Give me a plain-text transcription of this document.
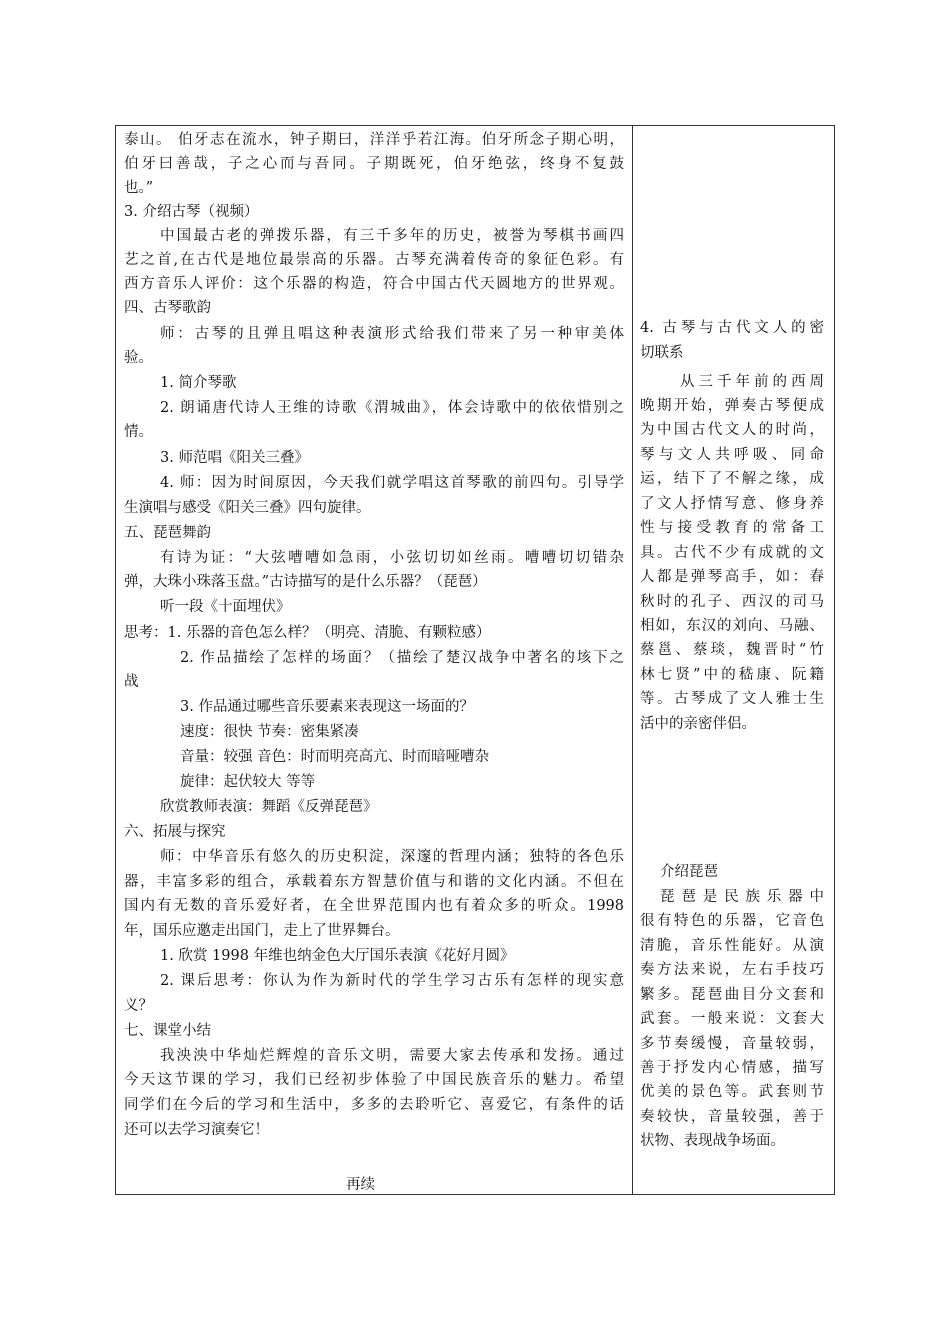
泰山。 伯牙志在流水，钟子期曰，洋洋乎若江海。伯牙所念子期心明，
伯牙曰善哉，子之心而与吾同。子期既死，伯牙绝弦，终身不复鼓
也。”
3. 介绍古琴（视频）
中国最古老的弹拨乐器，有三千多年的历史，被誉为琴棋书画四
艺之首,在古代是地位最崇高的乐器。古琴充满着传奇的象征色彩。有
西方音乐人评价：这个乐器的构造，符合中国古代天圆地方的世界观。
四、古琴歌韵
师：古琴的且弹且唱这种表演形式给我们带来了另一种审美体
验。
1. 简介琴歌
2. 朗诵唐代诗人王维的诗歌《渭城曲》，体会诗歌中的依依惜别之
情。
3. 师范唱《阳关三叠》
4. 师：因为时间原因，今天我们就学唱这首琴歌的前四句。引导学
生演唱与感受《阳关三叠》四句旋律。
五、琵琶舞韵
有诗为证：“大弦嘈嘈如急雨，小弦切切如丝雨。嘈嘈切切错杂
弹，大珠小珠落玉盘。”古诗描写的是什么乐器？（琵琶）
听一段《十面埋伏》
思考：1. 乐器的音色怎么样？（明亮、清脆、有颗粒感）
2. 作品描绘了怎样的场面？（描绘了楚汉战争中著名的垓下之
战
3. 作品通过哪些音乐要素来表现这一场面的？
速度：很快 节奏：密集紧凑
音量：较强 音色：时而明亮高亢、时而暗哑嘈杂
旋律：起伏较大 等等
欣赏教师表演：舞蹈《反弹琵琶》
六、拓展与探究
师：中华音乐有悠久的历史积淀，深邃的哲理内涵；独特的各色乐
器，丰富多彩的组合，承载着东方智慧价值与和谐的文化内涵。不但在
国内有无数的音乐爱好者，在全世界范围内也有着众多的听众。1998
年，国乐应邀走出国门，走上了世界舞台。
1. 欣赏 1998 年维也纳金色大厅国乐表演《花好月圆》
2. 课后思考：你认为作为新时代的学生学习古乐有怎样的现实意
义？
七、课堂小结
我泱泱中华灿烂辉煌的音乐文明，需要大家去传承和发扬。通过
今天这节课的学习，我们已经初步体验了中国民族音乐的魅力。希望
同学们在今后的学习和生活中，多多的去聆听它、喜爱它，有条件的话
还可以去学习演奏它！
再续
4. 古琴与古代文人的密
切联系
从三千年前的西周
晚期开始，弹奏古琴便成
为中国古代文人的时尚，
琴与文人共呼吸、同命
运，结下了不解之缘，成
了文人抒情写意、修身养
性与接受教育的常备工
具。古代不少有成就的文
人都是弹琴高手，如：春
秋时的孔子、西汉的司马
相如，东汉的刘向、马融、
蔡邕、蔡琰，魏晋时“竹
林七贤”中的嵇康、阮籍
等。古琴成了文人雅士生
活中的亲密伴侣。
介绍琵琶
琵琶是民族乐器中
很有特色的乐器，它音色
清脆，音乐性能好。从演
奏方法来说，左右手技巧
繁多。琵琶曲目分文套和
武套。一般来说：文套大
多节奏缓慢，音量较弱，
善于抒发内心情感，描写
优美的景色等。武套则节
奏较快，音量较强，善于
状物、表现战争场面。
